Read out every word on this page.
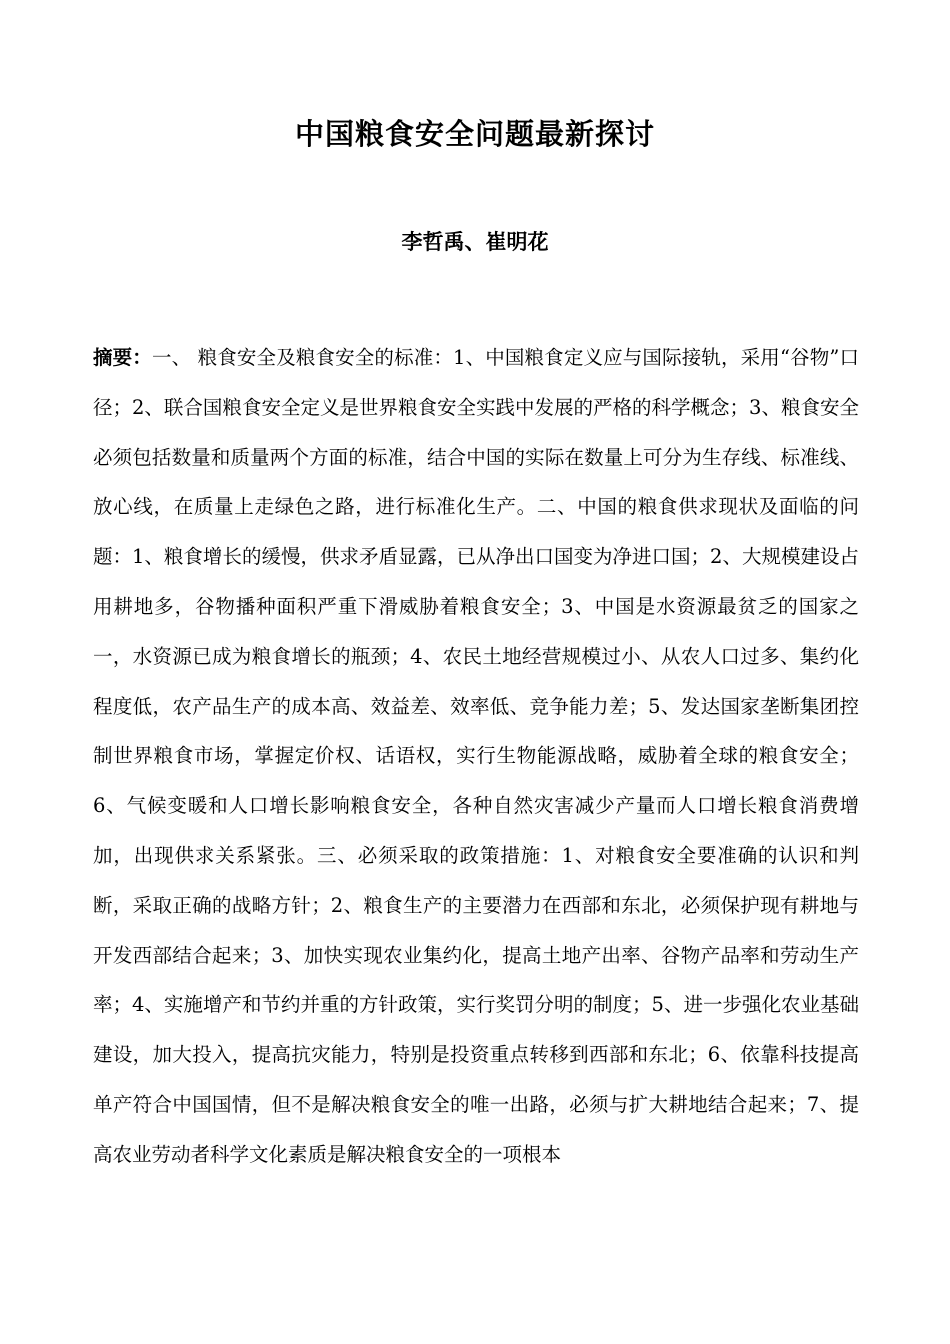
中国粮食安全问题最新探讨

李哲禹、崔明花

摘要：一、 粮食安全及粮食安全的标准：1、中国粮食定义应与国际接轨，采用“谷物”口径；2、联合国粮食安全定义是世界粮食安全实践中发展的严格的科学概念；3、粮食安全必须包括数量和质量两个方面的标准，结合中国的实际在数量上可分为生存线、标准线、放心线，在质量上走绿色之路，进行标准化生产。二、中国的粮食供求现状及面临的问题：1、粮食增长的缓慢，供求矛盾显露，已从净出口国变为净进口国；2、大规模建设占用耕地多，谷物播种面积严重下滑威胁着粮食安全；3、中国是水资源最贫乏的国家之一，水资源已成为粮食增长的瓶颈；4、农民土地经营规模过小、从农人口过多、集约化程度低，农产品生产的成本高、效益差、效率低、竞争能力差；5、发达国家垄断集团控制世界粮食市场，掌握定价权、话语权，实行生物能源战略，威胁着全球的粮食安全；6、气候变暖和人口增长影响粮食安全，各种自然灾害减少产量而人口增长粮食消费增加，出现供求关系紧张。三、必须采取的政策措施：1、对粮食安全要准确的认识和判断，采取正确的战略方针；2、粮食生产的主要潜力在西部和东北，必须保护现有耕地与开发西部结合起来；3、加快实现农业集约化，提高土地产出率、谷物产品率和劳动生产率；4、实施增产和节约并重的方针政策，实行奖罚分明的制度；5、进一步强化农业基础建设，加大投入，提高抗灾能力，特别是投资重点转移到西部和东北；6、依靠科技提高单产符合中国国情，但不是解决粮食安全的唯一出路，必须与扩大耕地结合起来；7、提高农业劳动者科学文化素质是解决粮食安全的一项根本
